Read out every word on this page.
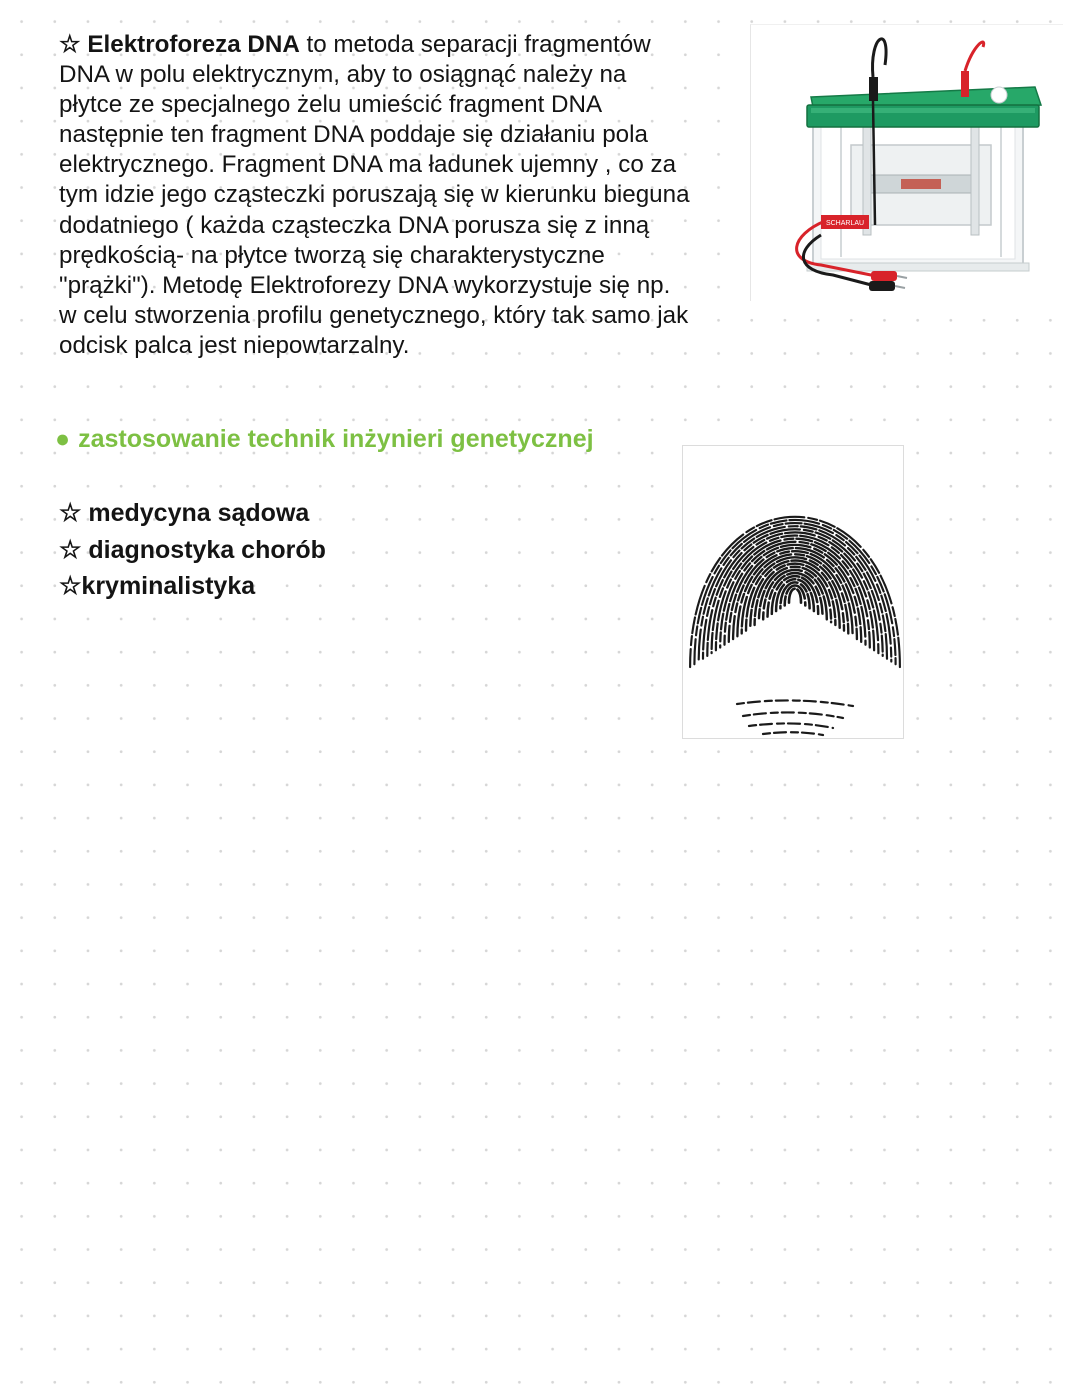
☆ Elektroforeza DNA to metoda separacji fragmentów
DNA w polu elektrycznym, aby to osiągnąć należy na
płytce ze specjalnego żelu umieścić fragment DNA
następnie ten fragment DNA poddaje się działaniu pola
elektrycznego. Fragment DNA ma ładunek ujemny , co za
tym idzie jego cząsteczki poruszają się w kierunku bieguna
dodatniego ( każda cząsteczka DNA porusza się z inną
prędkością- na płytce tworzą się charakterystyczne
"prążki"). Metodę Elektroforezy DNA wykorzystuje się np.
w celu stworzenia profilu genetycznego, który tak samo jak
odcisk palca jest niepowtarzalny.

SCHARLAU

● zastosowanie technik inżynieri genetycznej

☆ medycyna sądowa
☆ diagnostyka chorób
☆kryminalistyka
